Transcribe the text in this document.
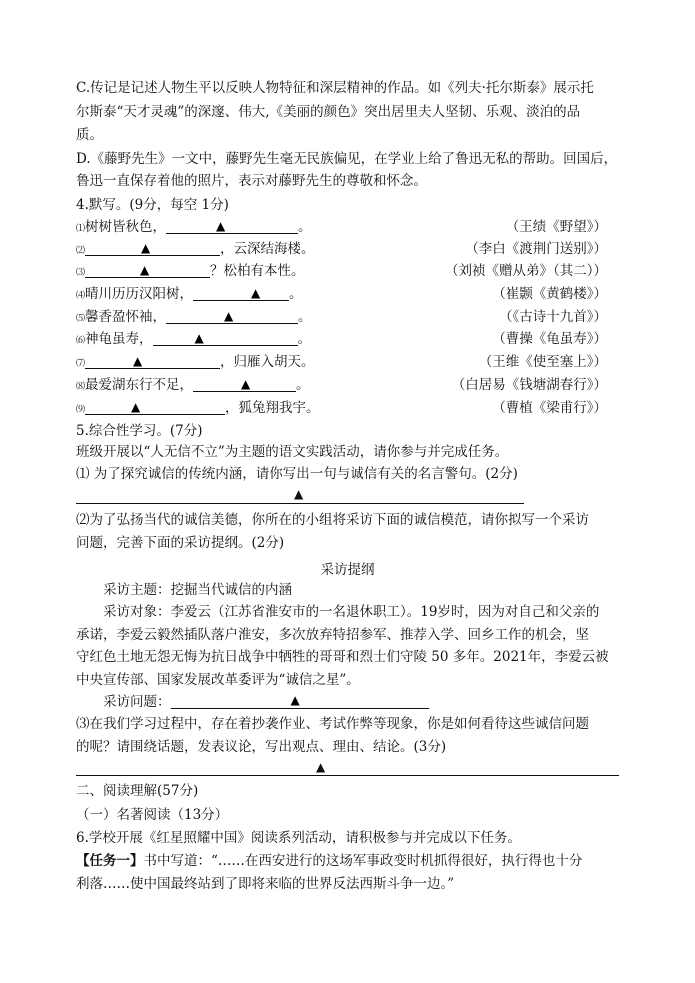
C.传记是记述人物生平以反映人物特征和深层精神的作品。如《列夫·托尔斯泰》展示托
尔斯泰“天才灵魂”的深邃、伟大,《美丽的颜色》突出居里夫人坚韧、乐观、淡泊的品
质。
D.《藤野先生》一文中，藤野先生毫无民族偏见，在学业上给了鲁迅无私的帮助。回国后，
鲁迅一直保存着他的照片，表示对藤野先生的尊敬和怀念。
4.默写。(9分，每空 1分)
⑴树树皆秋色，	▲	。	（王绩《野望》）
⑵	▲	，云深结海楼。	（李白《渡荆门送别》）
⑶	▲	？松柏有本性。	（刘祯《赠从弟》（其二））
⑷晴川历历汉阳树，	▲ 。	（崔颢《黄鹤楼》）
⑸馨香盈怀袖，	▲	。	（《古诗十九首》）
⑹神龟虽寿，	▲	。	（曹操《龟虽寿》）
⑺	▲	，归雁入胡天。	（王维《使至塞上》）
⑻最爱湖东行不足，	▲	。	（白居易《钱塘湖春行》）
⑼	▲	，狐兔翔我宇。	（曹植《梁甫行》）
5.综合性学习。(7分)
班级开展以“人无信不立”为主题的语文实践活动，请你参与并完成任务。
⑴ 为了探究诚信的传统内涵，请你写出一句与诚信有关的名言警句。(2分)
▲
⑵为了弘扬当代的诚信美德，你所在的小组将采访下面的诚信模范，请你拟写一个采访
问题，完善下面的采访提纲。(2分)
采访提纲
采访主题：挖掘当代诚信的内涵
采访对象：李爱云（江苏省淮安市的一名退休职工）。19岁时，因为对自己和父亲的
承诺，李爱云毅然插队落户淮安，多次放弃特招参军、推荐入学、回乡工作的机会，坚
守红色土地无怨无悔为抗日战争中牺牲的哥哥和烈士们守陵 50 多年。2021年，李爱云被
中央宣传部、国家发展改革委评为“诚信之星”。
采访问题：	▲
⑶在我们学习过程中，存在着抄袭作业、考试作弊等现象，你是如何看待这些诚信问题
的呢？请围绕话题，发表议论，写出观点、理由、结论。(3分)
▲
二、阅读理解(57分)
（一）名著阅读（13分）
6.学校开展《红星照耀中国》阅读系列活动，请积极参与并完成以下任务。
【任务一】书中写道：“……在西安进行的这场军事政变时机抓得很好，执行得也十分
利落……使中国最终站到了即将来临的世界反法西斯斗争一边。”
